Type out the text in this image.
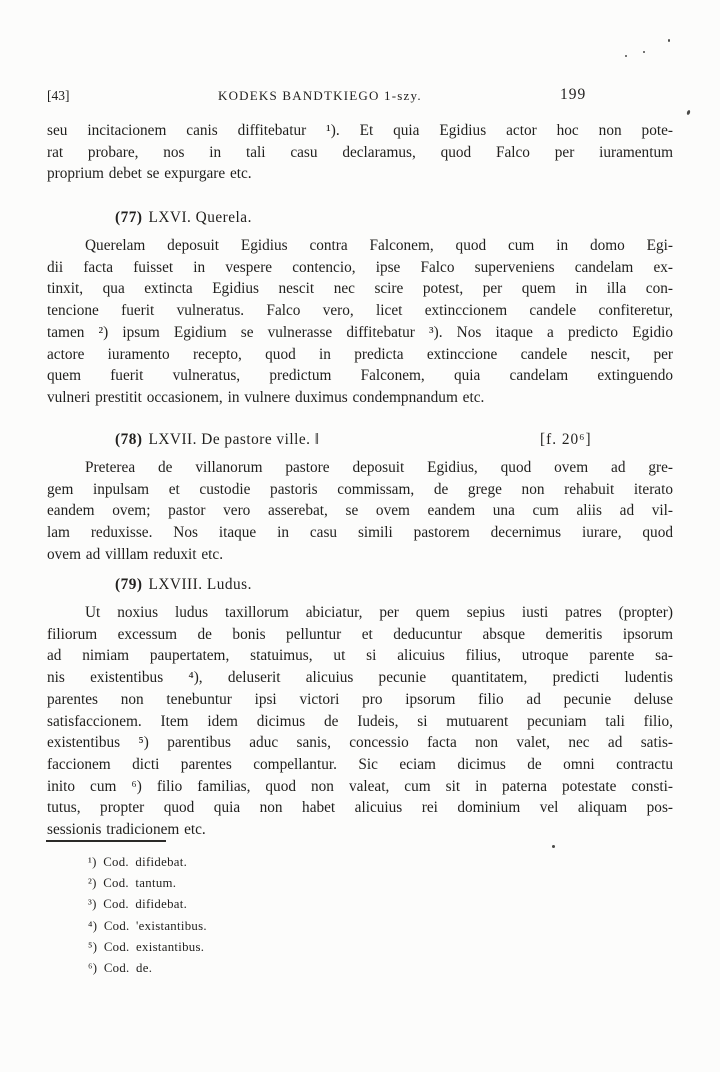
[43]	KODEKS BANDTKIEGO 1-szy.	199
seu incitacionem canis diffitebatur ¹). Et quia Egidius actor hoc non pote-
rat probare, nos in tali casu declaramus, quod Falco per iuramentum
proprium debet se expurgare etc.
(77) LXVI. Querela.
Querelam deposuit Egidius contra Falconem, quod cum in domo Egi-
dii facta fuisset in vespere contencio, ipse Falco superveniens candelam ex-
tinxit, qua extincta Egidius nescit nec scire potest, per quem in illa con-
tencione fuerit vulneratus. Falco vero, licet extinccionem candele confiteretur,
tamen ²) ipsum Egidium se vulnerasse diffitebatur ³). Nos itaque a predicto Egidio
actore iuramento recepto, quod in predicta extinccione candele nescit, per
quem fuerit vulneratus, predictum Falconem, quia candelam extinguendo
vulneri prestitit occasionem, in vulnere duximus condempnandum etc.
(78) LXVII. De pastore ville. ‖	[f. 20⁶]
Preterea de villanorum pastore deposuit Egidius, quod ovem ad gre-
gem inpulsam et custodie pastoris commissam, de grege non rehabuit iterato
eandem ovem; pastor vero asserebat, se ovem eandem una cum aliis ad vil-
lam reduxisse. Nos itaque in casu simili pastorem decernimus iurare, quod
ovem ad villlam reduxit etc.
(79) LXVIII. Ludus.
Ut noxius ludus taxillorum abiciatur, per quem sepius iusti patres (propter)
filiorum excessum de bonis pelluntur et deducuntur absque demeritis ipsorum
ad nimiam paupertatem, statuimus, ut si alicuius filius, utroque parente sa-
nis existentibus ⁴), deluserit alicuius pecunie quantitatem, predicti ludentis
parentes non tenebuntur ipsi victori pro ipsorum filio ad pecunie deluse
satisfaccionem. Item idem dicimus de Iudeis, si mutuarent pecuniam tali filio,
existentibus ⁵) parentibus aduc sanis, concessio facta non valet, nec ad satis-
faccionem dicti parentes compellantur. Sic eciam dicimus de omni contractu
inito cum ⁶) filio familias, quod non valeat, cum sit in paterna potestate consti-
tutus, propter quod quia non habet alicuius rei dominium vel aliquam pos-
sessionis tradicionem etc.
¹) Cod. difidebat.
²) Cod. tantum.
³) Cod. difidebat.
⁴) Cod. 'existantibus.
⁵) Cod. existantibus.
⁶) Cod. de.
